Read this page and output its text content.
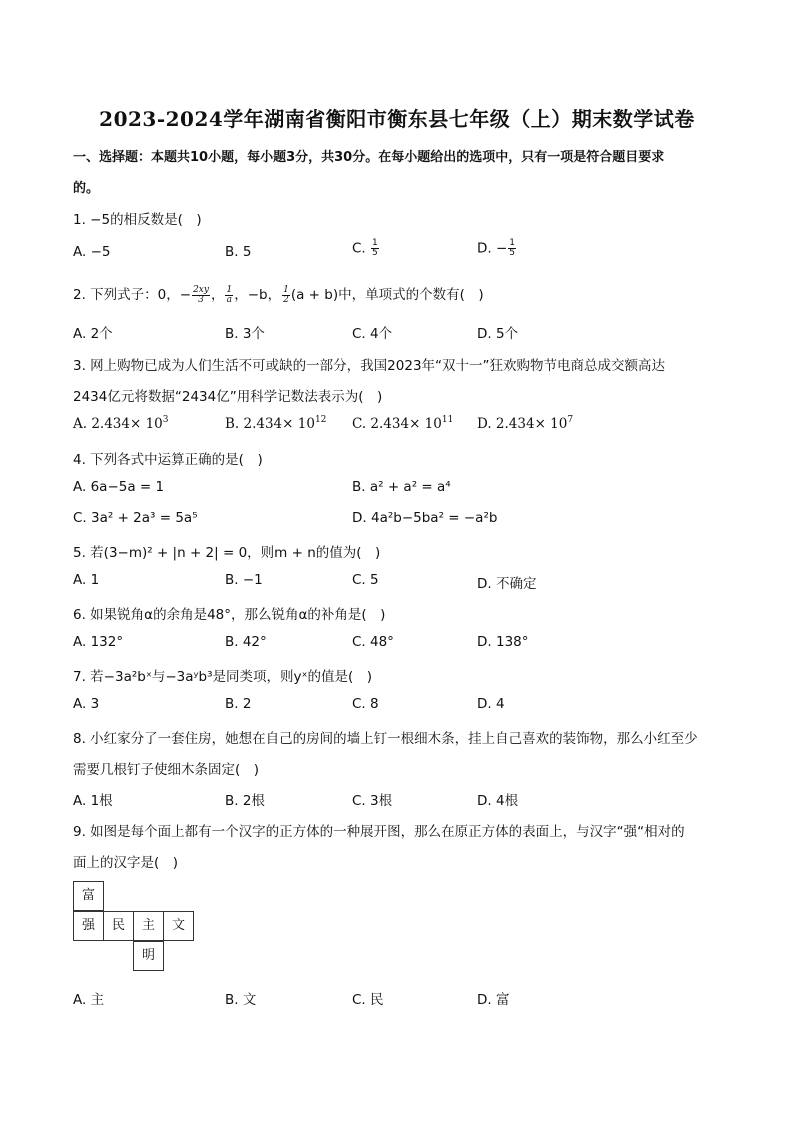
2023-2024学年湖南省衡阳市衡东县七年级（上）期末数学试卷
一、选择题：本题共10小题，每小题3分，共30分。在每小题给出的选项中，只有一项是符合题目要求
的。
1. −5的相反数是(　)
A. −5	B. 5	C. $\frac{1}{5}$	D. − $\frac{1}{5}$
2. 下列式子：0，− $\frac{2xy}{3}$ ， $\frac{1}{a}$ ，−b， $\frac{1}{2} (a + b)$中，单项式的个数有(　)
A. 2个	B. 3个	C. 4个	D. 5个
3. 网上购物已成为人们生活不可或缺的一部分，我国2023年“双十一”狂欢购物节电商总成交额高达
2434亿元将数据“2434亿”用科学记数法表示为(　)
A. $2.434\times 10^3$	B. $2.434\times 10^{12}$ C. $2.434\times 10^{11}$ D. $2.434\times 10^7$
4. 下列各式中运算正确的是(　)
A. 6a−5a = 1	B. a² + a² = a⁴
C. 3a² + 2a³ = 5a⁵	D. 4a²b−5ba² = −a²b
5. 若(3−m)² + |n + 2| = 0，则m + n的值为(　)
A. 1	B. −1	C. 5	D. 不确定
6. 如果锐角α的余角是48°，那么锐角α的补角是(　)
A. 132°	B. 42°	C. 48°	D. 138°
7. 若−3a²bˣ与−3aʸb³是同类项，则yˣ的值是(　)
A. 3	B. 2	C. 8	D. 4
8. 小红家分了一套住房，她想在自己的房间的墙上钉一根细木条，挂上自己喜欢的装饰物，那么小红至少
需要几根钉子使细木条固定(　)
A. 1根	B. 2根	C. 3根	D. 4根
9. 如图是每个面上都有一个汉字的正方体的一种展开图，那么在原正方体的表面上，与汉字“强“相对的
面上的汉字是(　)
富
强	民	主	文
明
A. 主	B. 文	C. 民	D. 富
